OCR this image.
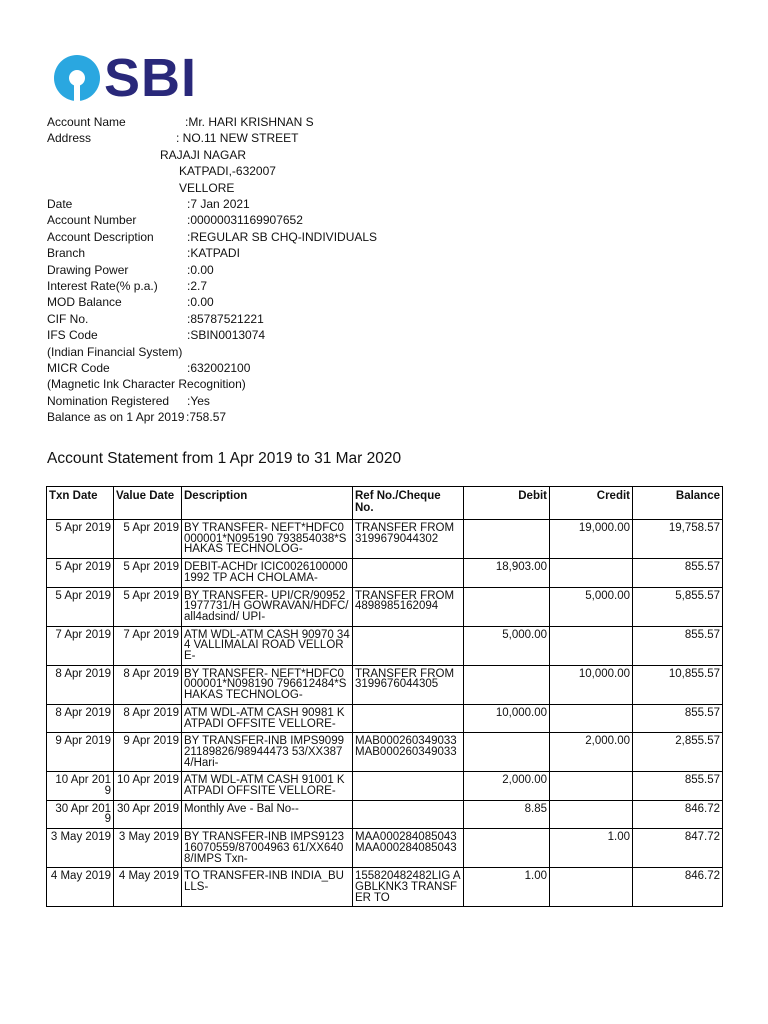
SBI
Account Name	:Mr. HARI KRISHNAN S
Address	: NO.11 NEW STREET
RAJAJI NAGAR
KATPADI,-632007
VELLORE
Date	:7 Jan 2021
Account Number	:00000031169907652
Account Description	:REGULAR SB CHQ-INDIVIDUALS
Branch	:KATPADI
Drawing Power	:0.00
Interest Rate(% p.a.) :2.7
MOD Balance	:0.00
CIF No.	:85787521221
IFS Code	:SBIN0013074
(Indian Financial System)
MICR Code	:632002100
(Magnetic Ink Character Recognition)
Nomination Registered :Yes
Balance as on 1 Apr 2019 :758.57
Account Statement from 1 Apr 2019 to 31 Mar 2020
Txn Date	Value Date	Description	Ref No./Cheque No.	Debit	Credit	Balance
5 Apr 2019	5 Apr 2019	BY TRANSFER- NEFT*HDFC0000001*N095190 793854038*SHAKAS TECHNOLOG-	TRANSFER FROM 3199679044302		19,000.00	19,758.57
5 Apr 2019	5 Apr 2019	DEBIT-ACHDr ICIC00261000001992 TP ACH CHOLAMA-		18,903.00		855.57
5 Apr 2019	5 Apr 2019	BY TRANSFER- UPI/CR/909521977731/H GOWRAVAN/HDFC/all4adsind/ UPI-	TRANSFER FROM 4898985162094		5,000.00	5,855.57
7 Apr 2019	7 Apr 2019	ATM WDL-ATM CASH 90970 344 VALLIMALAI ROAD VELLORE-		5,000.00		855.57
8 Apr 2019	8 Apr 2019	BY TRANSFER- NEFT*HDFC0000001*N098190 796612484*SHAKAS TECHNOLOG-	TRANSFER FROM 3199676044305		10,000.00	10,855.57
8 Apr 2019	8 Apr 2019	ATM WDL-ATM CASH 90981 KATPADI OFFSITE VELLORE-		10,000.00		855.57
9 Apr 2019	9 Apr 2019	BY TRANSFER-INB IMPS909921189826/98944473 53/XX3874/Hari-	MAB000260349033 MAB000260349033		2,000.00	2,855.57
10 Apr 2019	10 Apr 2019	ATM WDL-ATM CASH 91001 KATPADI OFFSITE VELLORE-		2,000.00		855.57
30 Apr 2019	30 Apr 2019	Monthly Ave - Bal No--		8.85		846.72
3 May 2019	3 May 2019	BY TRANSFER-INB IMPS912316070559/87004963 61/XX6408/IMPS Txn-	MAA000284085043 MAA000284085043		1.00	847.72
4 May 2019	4 May 2019	TO TRANSFER-INB INDIA_BULLS-	155820482482LIG AGBLKNK3 TRANSFER TO	1.00		846.72
